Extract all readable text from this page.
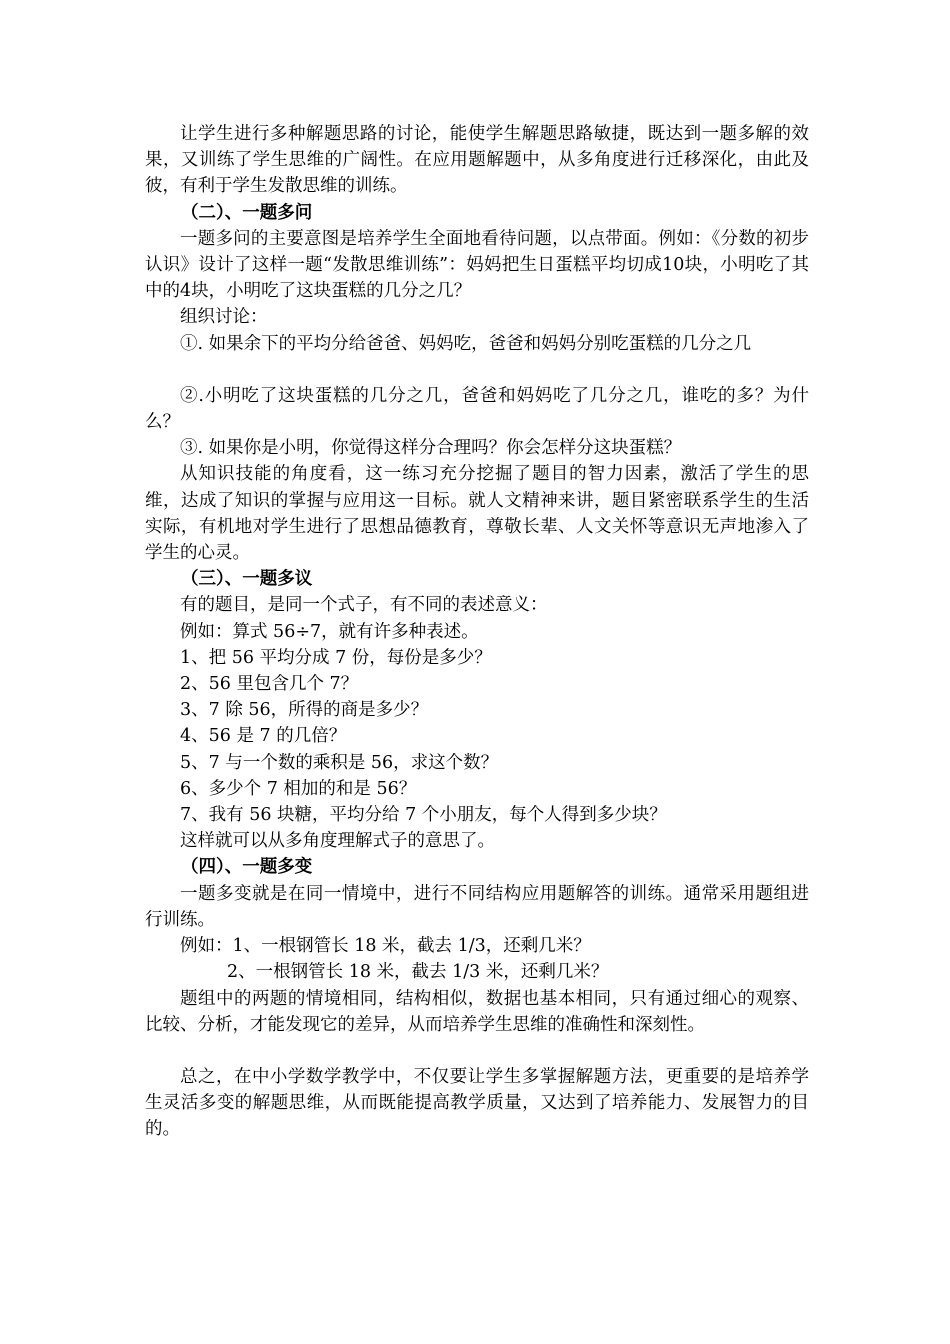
让学生进行多种解题思路的讨论，能使学生解题思路敏捷，既达到一题多解的效果，又训练了学生思维的广阔性。在应用题解题中，从多角度进行迁移深化，由此及彼，有利于学生发散思维的训练。

（二）、一题多问

一题多问的主要意图是培养学生全面地看待问题，以点带面。例如：《分数的初步认识》设计了这样一题“发散思维训练”：妈妈把生日蛋糕平均切成10块，小明吃了其中的4块，小明吃了这块蛋糕的几分之几？

组织讨论：

①. 如果余下的平均分给爸爸、妈妈吃，爸爸和妈妈分别吃蛋糕的几分之几

②.小明吃了这块蛋糕的几分之几，爸爸和妈妈吃了几分之几，谁吃的多？为什么？

③. 如果你是小明，你觉得这样分合理吗？你会怎样分这块蛋糕？

从知识技能的角度看，这一练习充分挖掘了题目的智力因素，激活了学生的思维，达成了知识的掌握与应用这一目标。就人文精神来讲，题目紧密联系学生的生活实际，有机地对学生进行了思想品德教育，尊敬长辈、人文关怀等意识无声地渗入了学生的心灵。

（三）、一题多议

有的题目，是同一个式子，有不同的表述意义：

例如：算式 56÷7，就有许多种表述。

1、把 56 平均分成 7 份，每份是多少？

2、56 里包含几个 7？

3、7 除 56，所得的商是多少？

4、56 是 7 的几倍？

5、7 与一个数的乘积是 56，求这个数？

6、多少个 7 相加的和是 56？

7、我有 56 块糖，平均分给 7 个小朋友，每个人得到多少块？

这样就可以从多角度理解式子的意思了。

（四）、一题多变

一题多变就是在同一情境中，进行不同结构应用题解答的训练。通常采用题组进行训练。

例如：1、一根钢管长 18 米，截去 1/3，还剩几米？

2、一根钢管长 18 米，截去 1/3 米，还剩几米？

题组中的两题的情境相同，结构相似，数据也基本相同，只有通过细心的观察、比较、分析，才能发现它的差异，从而培养学生思维的准确性和深刻性。

总之，在中小学数学教学中，不仅要让学生多掌握解题方法，更重要的是培养学生灵活多变的解题思维，从而既能提高教学质量，又达到了培养能力、发展智力的目的。
